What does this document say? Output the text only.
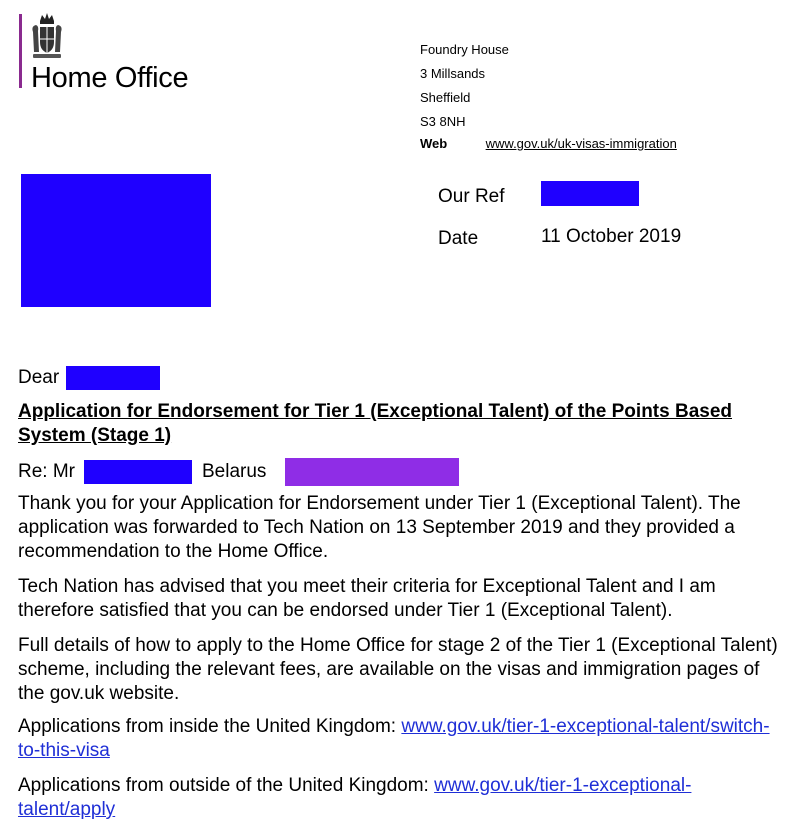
Home Office
Foundry House
3 Millsands
Sheffield
S3 8NH
Web	www.gov.uk/uk-visas-immigration
Our Ref
Date	11 October 2019
Dear
Application for Endorsement for Tier 1 (Exceptional Talent) of the Points Based System (Stage 1)
Re: Mr	Belarus
Thank you for your Application for Endorsement under Tier 1 (Exceptional Talent). The application was forwarded to Tech Nation on 13 September 2019 and they provided a recommendation to the Home Office.
Tech Nation has advised that you meet their criteria for Exceptional Talent and I am therefore satisfied that you can be endorsed under Tier 1 (Exceptional Talent).
Full details of how to apply to the Home Office for stage 2 of the Tier 1 (Exceptional Talent) scheme, including the relevant fees, are available on the visas and immigration pages of the gov.uk website.
Applications from inside the United Kingdom: www.gov.uk/tier-1-exceptional-talent/switch-to-this-visa
Applications from outside of the United Kingdom: www.gov.uk/tier-1-exceptional-talent/apply
